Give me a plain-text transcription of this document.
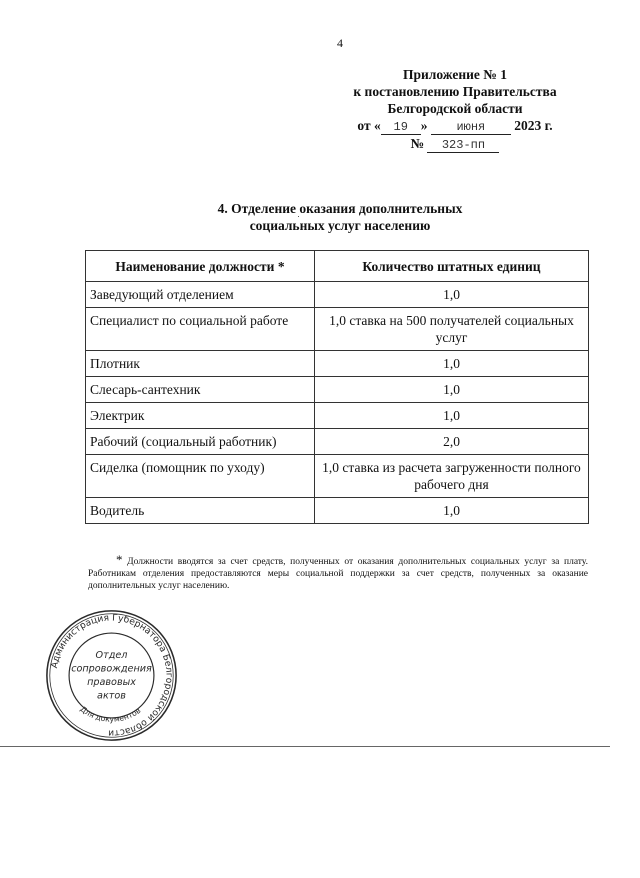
4
Приложение № 1
к постановлению Правительства
Белгородской области
от « 19 » июня 2023 г.
№ 323-пп
4. Отделение оказания дополнительных
социальных услуг населению
Наименование должности *	Количество штатных единиц
Заведующий отделением	1,0
Специалист по социальной работе	1,0 ставка на 500 получателей социальных услуг
Плотник	1,0
Слесарь-сантехник	1,0
Электрик	1,0
Рабочий (социальный работник)	2,0
Сиделка (помощник по уходу)	1,0 ставка из расчета загруженности полного рабочего дня
Водитель	1,0
* Должности вводятся за счет средств, полученных от оказания дополнительных социальных услуг за плату. Работникам отделения предоставляются меры социальной поддержки за счет средств, полученных за оказание дополнительных услуг населению.
Администрация Губернатора Белгородской области
Для документов
Отдел
сопровождения
правовых
актов
